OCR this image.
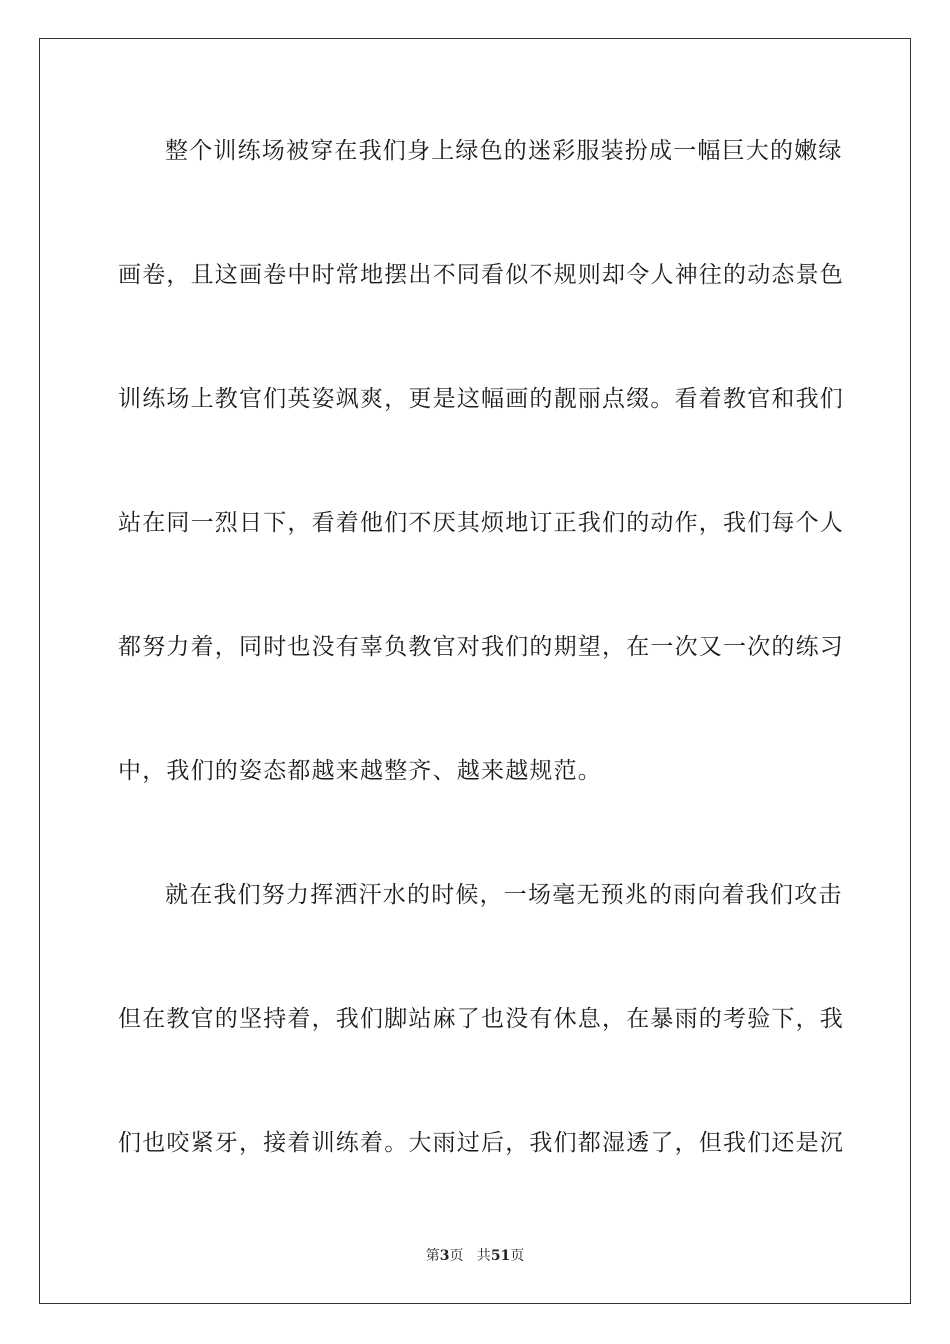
整个训练场被穿在我们身上绿色的迷彩服装扮成一幅巨大的嫩绿
画卷，且这画卷中时常地摆出不同看似不规则却令人神往的动态景色
训练场上教官们英姿飒爽，更是这幅画的靓丽点缀。看着教官和我们
站在同一烈日下，看着他们不厌其烦地订正我们的动作，我们每个人
都努力着，同时也没有辜负教官对我们的期望，在一次又一次的练习
中，我们的姿态都越来越整齐、越来越规范。
就在我们努力挥洒汗水的时候，一场毫无预兆的雨向着我们攻击
但在教官的坚持着，我们脚站麻了也没有休息，在暴雨的考验下，我
们也咬紧牙，接着训练着。大雨过后，我们都湿透了，但我们还是沉
第3页   共51页
